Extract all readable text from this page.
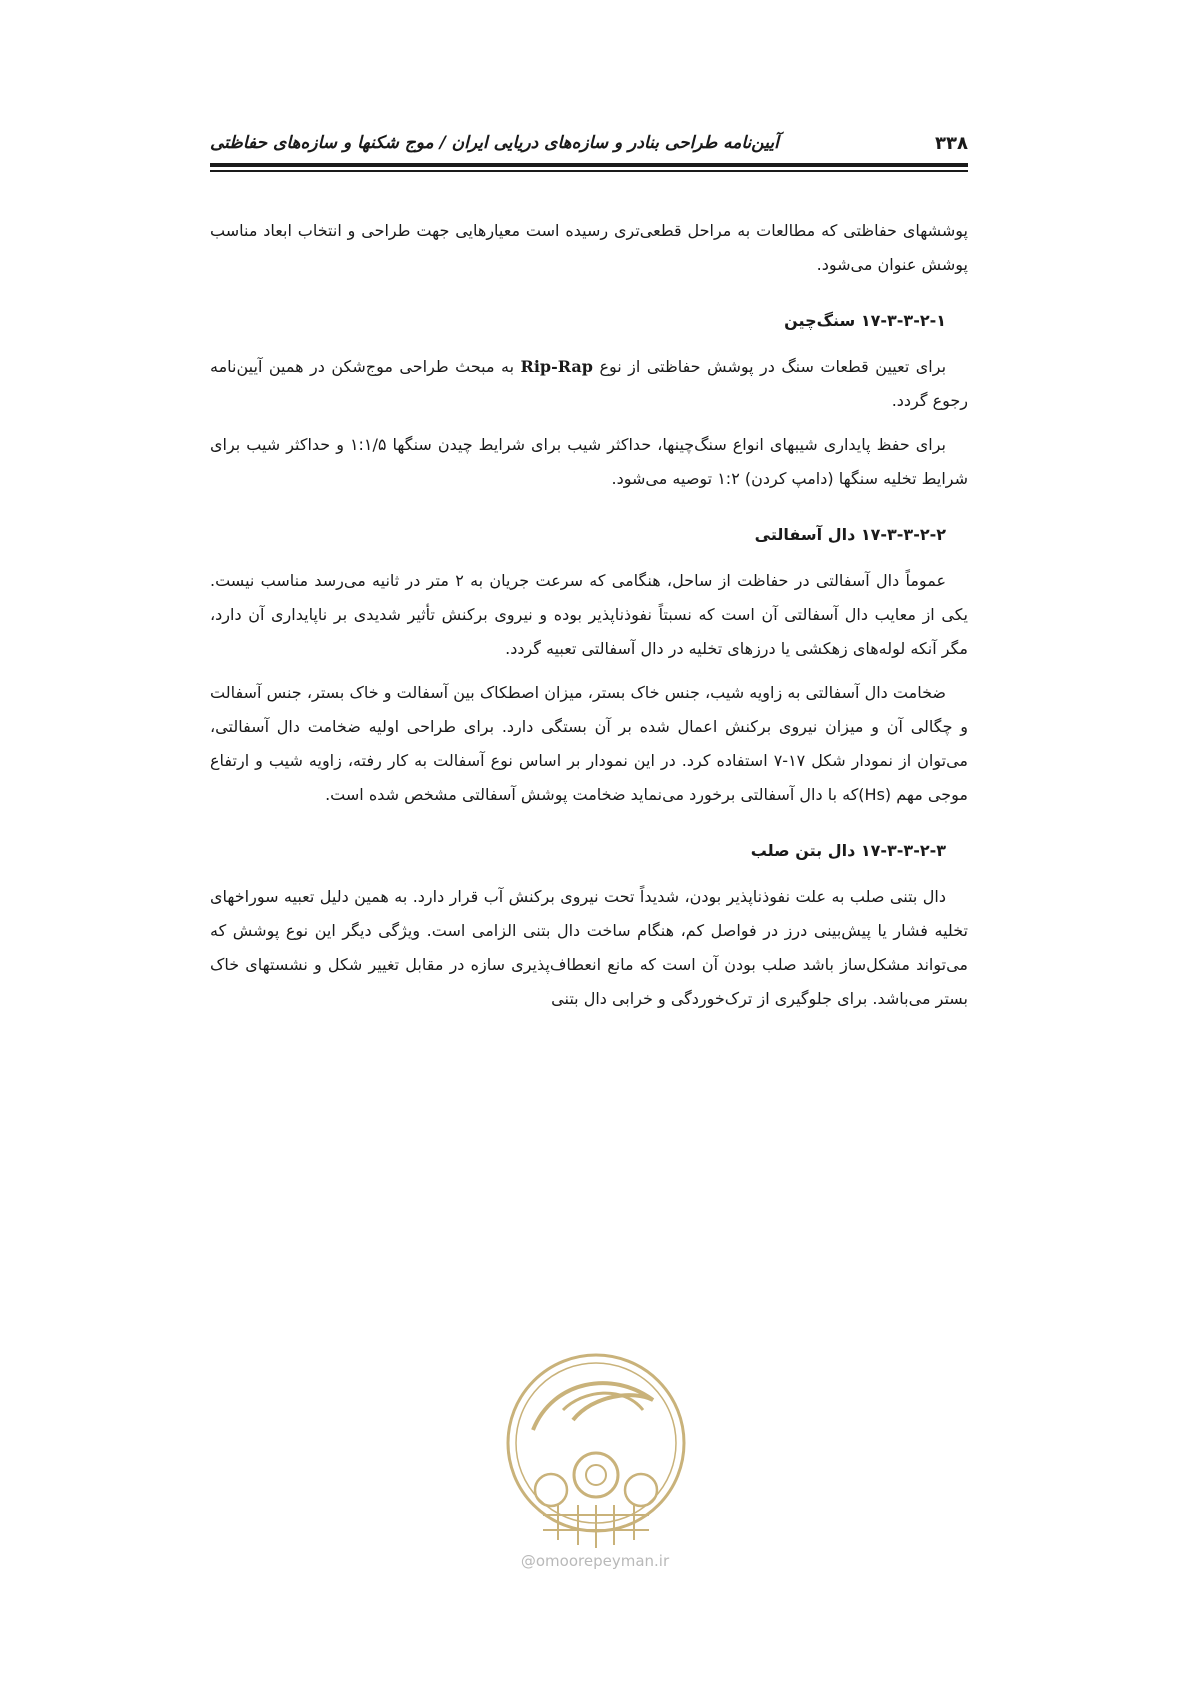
۳۳۸
آیین‌نامه طراحی بنادر و سازه‌های دریایی ایران / موج شکنها و سازه‌های حفاظتی

پوششهای حفاظتی که مطالعات به مراحل قطعی‌تری رسیده است معیارهایی جهت طراحی و انتخاب ابعاد مناسب پوشش عنوان می‌شود.

۱۷-۳-۳-۲-۱ سنگ‌چین

برای تعیین قطعات سنگ در پوشش حفاظتی از نوع Rip-Rap به مبحث طراحی موج‌شکن در همین آیین‌نامه رجوع گردد.

برای حفظ پایداری شیبهای انواع سنگ‌چینها، حداکثر شیب برای شرایط چیدن سنگها ۱:۱/۵ و حداکثر شیب برای شرایط تخلیه سنگها (دامپ کردن) ۱:۲ توصیه می‌شود.

۱۷-۳-۳-۲-۲ دال آسفالتی

عموماً دال آسفالتی در حفاظت از ساحل، هنگامی که سرعت جریان به ۲ متر در ثانیه می‌رسد مناسب نیست. یکی از معایب دال آسفالتی آن است که نسبتاً نفوذناپذیر بوده و نیروی برکنش تأثیر شدیدی بر ناپایداری آن دارد، مگر آنکه لوله‌های زهکشی یا درزهای تخلیه در دال آسفالتی تعبیه گردد.

ضخامت دال آسفالتی به زاویه شیب، جنس خاک بستر، میزان اصطکاک بین آسفالت و خاک بستر، جنس آسفالت و چگالی آن و میزان نیروی برکنش اعمال شده بر آن بستگی دارد. برای طراحی اولیه ضخامت دال آسفالتی، می‌توان از نمودار شکل ۱۷-۷ استفاده کرد. در این نمودار بر اساس نوع آسفالت به کار رفته، زاویه شیب و ارتفاع موجی مهم (Hs)که با دال آسفالتی برخورد می‌نماید ضخامت پوشش آسفالتی مشخص شده است.

۱۷-۳-۳-۲-۳ دال بتن صلب

دال بتنی صلب به علت نفوذناپذیر بودن، شدیداً تحت نیروی برکنش آب قرار دارد. به همین دلیل تعبیه سوراخهای تخلیه فشار یا پیش‌بینی درز در فواصل کم، هنگام ساخت دال بتنی الزامی است. ویژگی دیگر این نوع پوشش که می‌تواند مشکل‌ساز باشد صلب بودن آن است که مانع انعطاف‌پذیری سازه در مقابل تغییر شکل و نشستهای خاک بستر می‌باشد. برای جلوگیری از ترک‌خوردگی و خرابی دال بتنی

@omoorepeyman.ir
